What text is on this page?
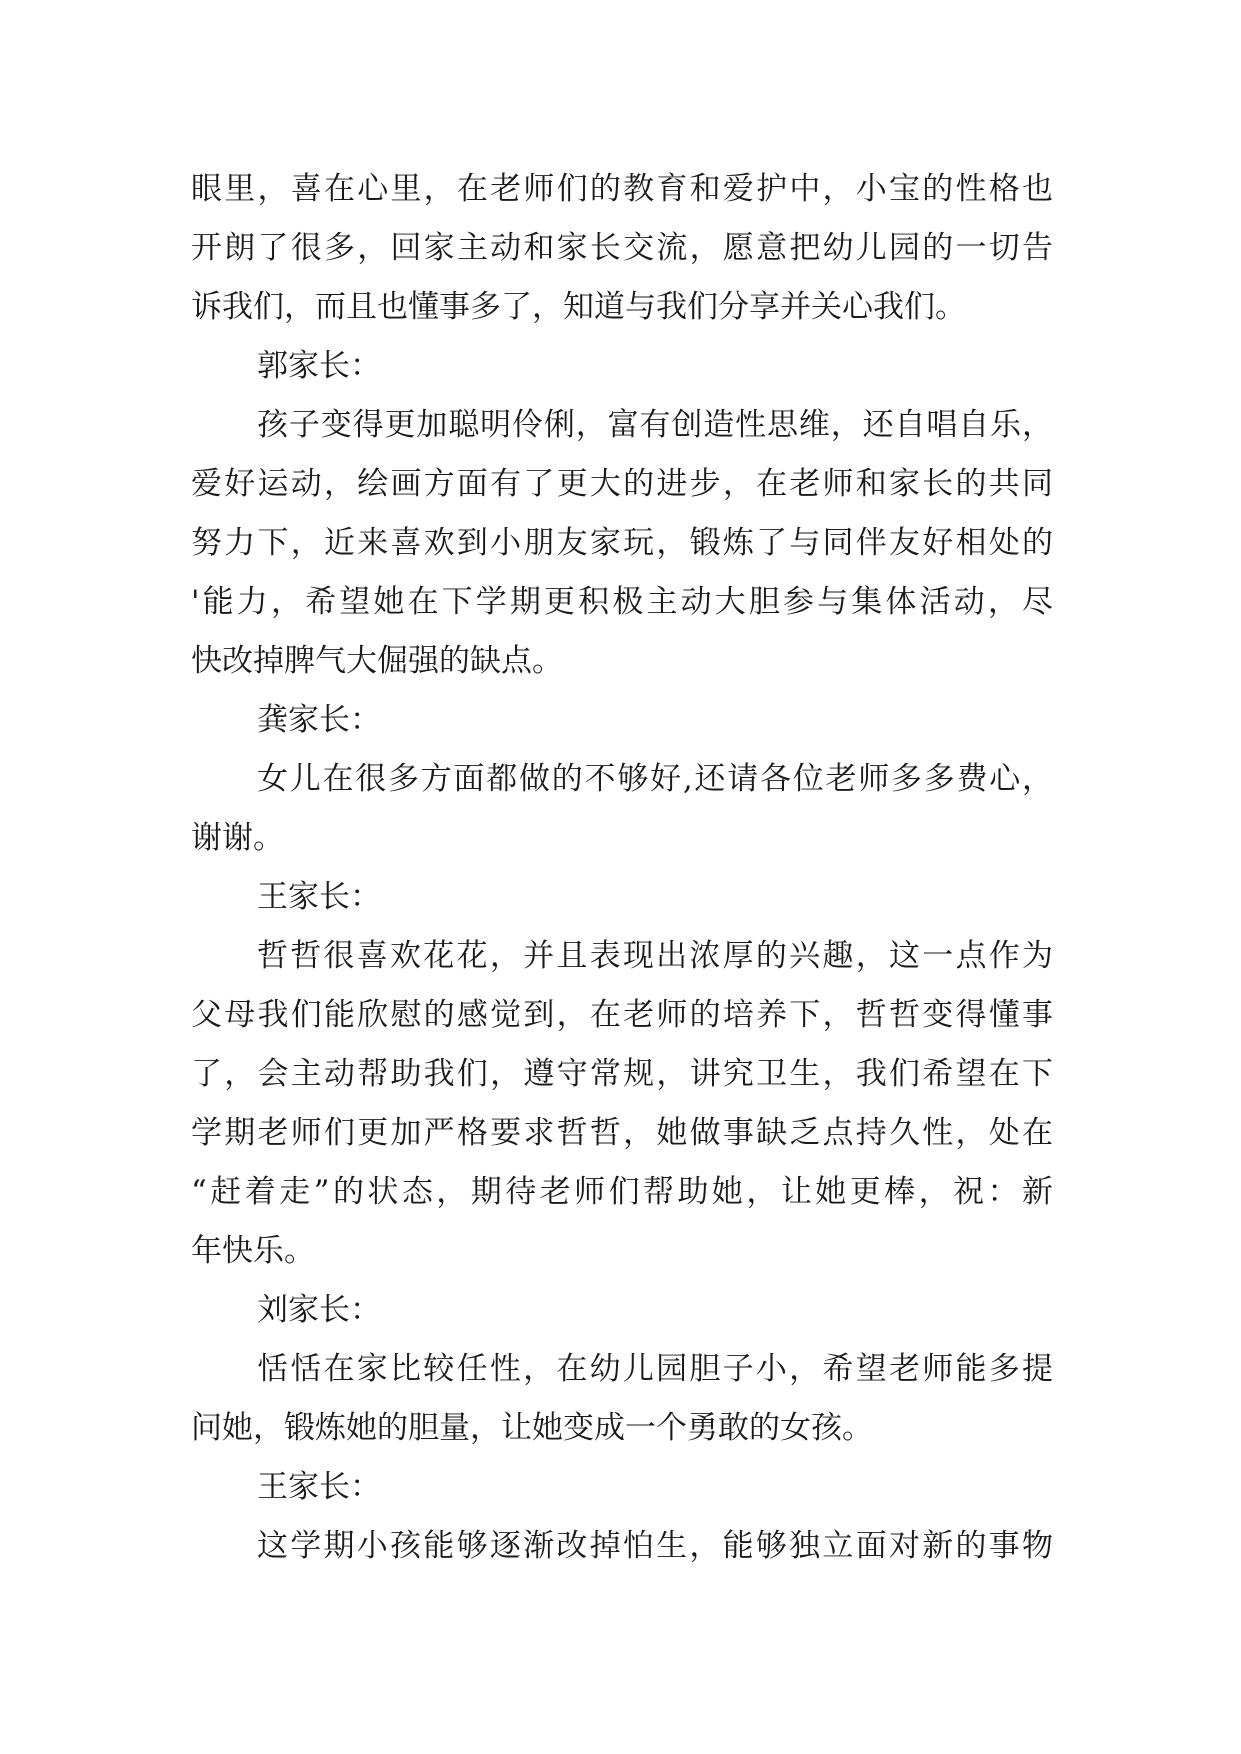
眼里，喜在心里，在老师们的教育和爱护中，小宝的性格也
开朗了很多，回家主动和家长交流，愿意把幼儿园的一切告
诉我们，而且也懂事多了，知道与我们分享并关心我们。
郭家长：
孩子变得更加聪明伶俐，富有创造性思维，还自唱自乐，
爱好运动，绘画方面有了更大的进步，在老师和家长的共同
努力下，近来喜欢到小朋友家玩，锻炼了与同伴友好相处的
'能力，希望她在下学期更积极主动大胆参与集体活动，尽
快改掉脾气大倔强的缺点。
龚家长：
女儿在很多方面都做的不够好,还请各位老师多多费心，
谢谢。
王家长：
哲哲很喜欢花花，并且表现出浓厚的兴趣，这一点作为
父母我们能欣慰的感觉到，在老师的培养下，哲哲变得懂事
了，会主动帮助我们，遵守常规，讲究卫生，我们希望在下
学期老师们更加严格要求哲哲，她做事缺乏点持久性，处在
“赶着走”的状态，期待老师们帮助她，让她更棒，祝：新
年快乐。
刘家长：
恬恬在家比较任性，在幼儿园胆子小，希望老师能多提
问她，锻炼她的胆量，让她变成一个勇敢的女孩。
王家长：
这学期小孩能够逐渐改掉怕生，能够独立面对新的事物
